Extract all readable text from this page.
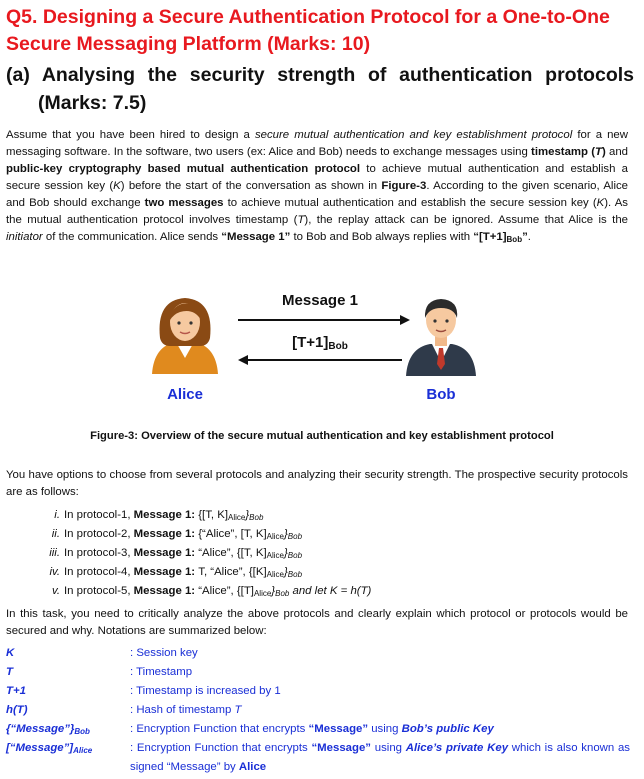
Q5. Designing a Secure Authentication Protocol for a One-to-One
Secure Messaging Platform (Marks: 10)
(a) Analysing the security strength of authentication protocols
(Marks: 7.5)
Assume that you have been hired to design a secure mutual authentication and key establishment protocol for a new messaging software. In the software, two users (ex: Alice and Bob) needs to exchange messages using timestamp (T) and public-key cryptography based mutual authentication protocol to achieve mutual authentication and establish a secure session key (K) before the start of the conversation as shown in Figure-3. According to the given scenario, Alice and Bob should exchange two messages to achieve mutual authentication and establish the secure session key (K). As the mutual authentication protocol involves timestamp (T), the replay attack can be ignored. Assume that Alice is the initiator of the communication. Alice sends “Message 1” to Bob and Bob always replies with “$[T+1]_{Bob}$”.
Message 1
$[T+1]_{Bob}$
Alice	Bob
Figure-3: Overview of the secure mutual authentication and key establishment protocol
You have options to choose from several protocols and analyzing their security strength. The prospective security protocols are as follows:
i. In protocol-1, Message 1: {[T, $K]_{Alice}\}_{Bob}$
ii. In protocol-2, Message 1: {“Alice”, [T, $K]_{Alice}\}_{Bob}$
iii. In protocol-3, Message 1: “Alice”, {[T, $K]_{Alice}\}_{Bob}$
iv. In protocol-4, Message 1: T, “Alice”, $\{[K]_{Alice}\}_{Bob}$
v. In protocol-5, Message 1: “Alice”, $\{[T]_{Alice}\}_{Bob}$ and let K = h(T)
In this task, you need to critically analyze the above protocols and clearly explain which protocol or protocols would be secured and why. Notations are summarized below:
K	: Session key
T	: Timestamp
T+1	: Timestamp is increased by 1
h(T)	: Hash of timestamp T
$\{“Message”\}_{Bob}$	: Encryption Function that encrypts “Message” using Bob’s public Key
$[“Message”]_{Alice}$	: Encryption Function that encrypts “Message” using Alice’s private Key which is also known as signed “Message” by Alice
